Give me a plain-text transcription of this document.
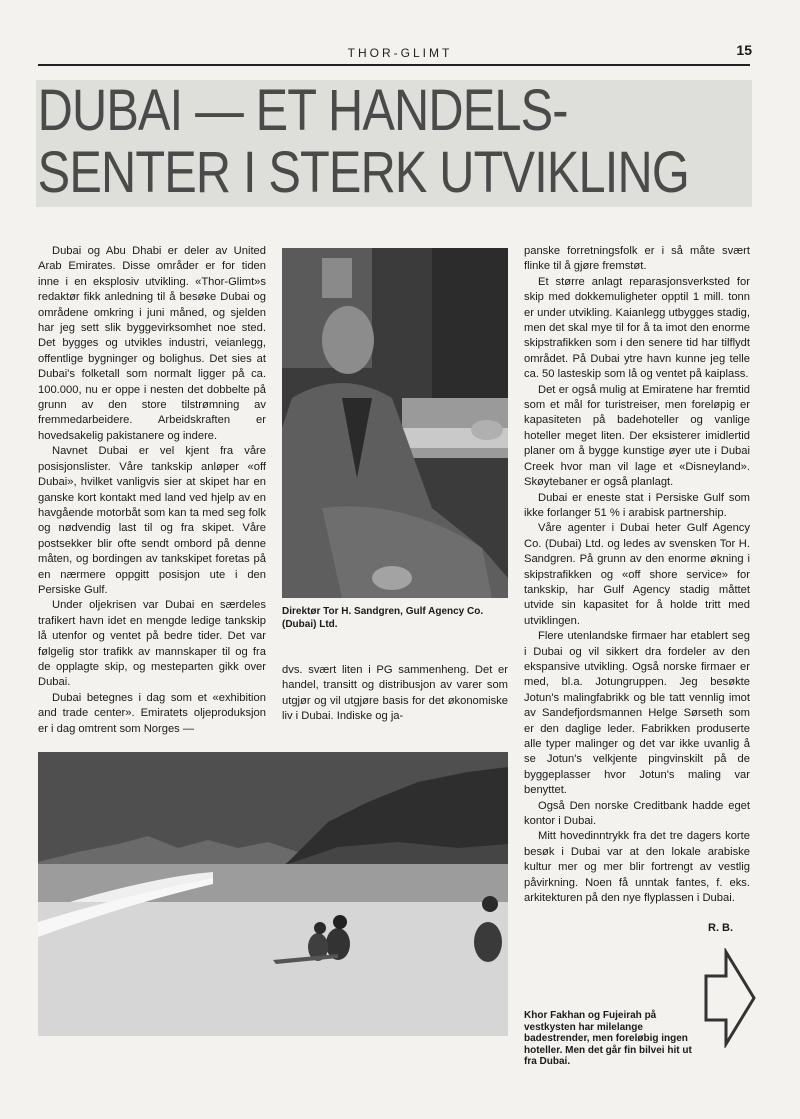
THOR-GLIMT	15
DUBAI — ET HANDELS-
SENTER I STERK UTVIKLING

Dubai og Abu Dhabi er deler av United Arab Emirates. Disse områder er for tiden inne i en eksplosiv utvikling. «Thor-Glimt»s redaktør fikk anledning til å besøke Dubai og områdene omkring i juni måned, og sjelden har jeg sett slik byggevirksomhet noe sted. Det bygges og utvikles industri, veianlegg, offentlige bygninger og bolighus. Det sies at Dubai's folketall som normalt ligger på ca. 100.000, nu er oppe i nesten det dobbelte på grunn av den store tilstrømning av fremmedarbeidere. Arbeidskraften er hovedsakelig pakistanere og indere.

Navnet Dubai er vel kjent fra våre posisjonslister. Våre tankskip anløper «off Dubai», hvilket vanligvis sier at skipet har en ganske kort kontakt med land ved hjelp av en havgående motorbåt som kan ta med seg folk og nødvendig last til og fra skipet. Våre postsekker blir ofte sendt ombord på denne måten, og bordingen av tankskipet foretas på en nærmere oppgitt posisjon ute i den Persiske Gulf.

Under oljekrisen var Dubai en særdeles trafikert havn idet en mengde ledige tankskip lå utenfor og ventet på bedre tider. Det var følgelig stor trafikk av mannskaper til og fra de opplagte skip, og mesteparten gikk over Dubai.

Dubai betegnes i dag som et «exhibition and trade center». Emiratets oljeproduksjon er i dag omtrent som Norges —

Direktør Tor H. Sandgren, Gulf Agency Co. (Dubai) Ltd.

dvs. svært liten i PG sammenheng. Det er handel, transitt og distribusjon av varer som utgjør og vil utgjøre basis for det økonomiske liv i Dubai. Indiske og ja-

panske forretningsfolk er i så måte svært flinke til å gjøre fremstøt.

Et større anlagt reparasjonsverksted for skip med dokkemuligheter opptil 1 mill. tonn er under utvikling. Kaianlegg utbygges stadig, men det skal mye til for å ta imot den enorme skipstrafikken som i den senere tid har tilflydt området. På Dubai ytre havn kunne jeg telle ca. 50 lasteskip som lå og ventet på kaiplass.

Det er også mulig at Emiratene har fremtid som et mål for turistreiser, men foreløpig er kapasiteten på badehoteller og vanlige hoteller meget liten. Der eksisterer imidlertid planer om å bygge kunstige øyer ute i Dubai Creek hvor man vil lage et «Disneyland». Skøytebaner er også planlagt.

Dubai er eneste stat i Persiske Gulf som ikke forlanger 51 % i arabisk partnership.

Våre agenter i Dubai heter Gulf Agency Co. (Dubai) Ltd. og ledes av svensken Tor H. Sandgren. På grunn av den enorme økning i skipstrafikken og «off shore service» for tankskip, har Gulf Agency stadig måttet utvide sin kapasitet for å holde tritt med utviklingen.

Flere utenlandske firmaer har etablert seg i Dubai og vil sikkert dra fordeler av den ekspansive utvikling. Også norske firmaer er med, bl.a. Jotungruppen. Jeg besøkte Jotun's malingfabrikk og ble tatt vennlig imot av Sandefjordsmannen Helge Sørseth som er den daglige leder. Fabrikken produserte alle typer malinger og det var ikke uvanlig å se Jotun's velkjente pingvinskilt på de byggeplasser hvor Jotun's maling var benyttet.

Også Den norske Creditbank hadde eget kontor i Dubai.

Mitt hovedinntrykk fra det tre dagers korte besøk i Dubai var at den lokale arabiske kultur mer og mer blir fortrengt av vestlig påvirkning. Noen få unntak fantes, f. eks. arkitekturen på den nye flyplassen i Dubai.

R. B.
Khor Fakhan og Fujeirah på vestkysten har milelange badestrender, men foreløbig ingen hoteller. Men det går fin bilvei hit ut fra Dubai.
